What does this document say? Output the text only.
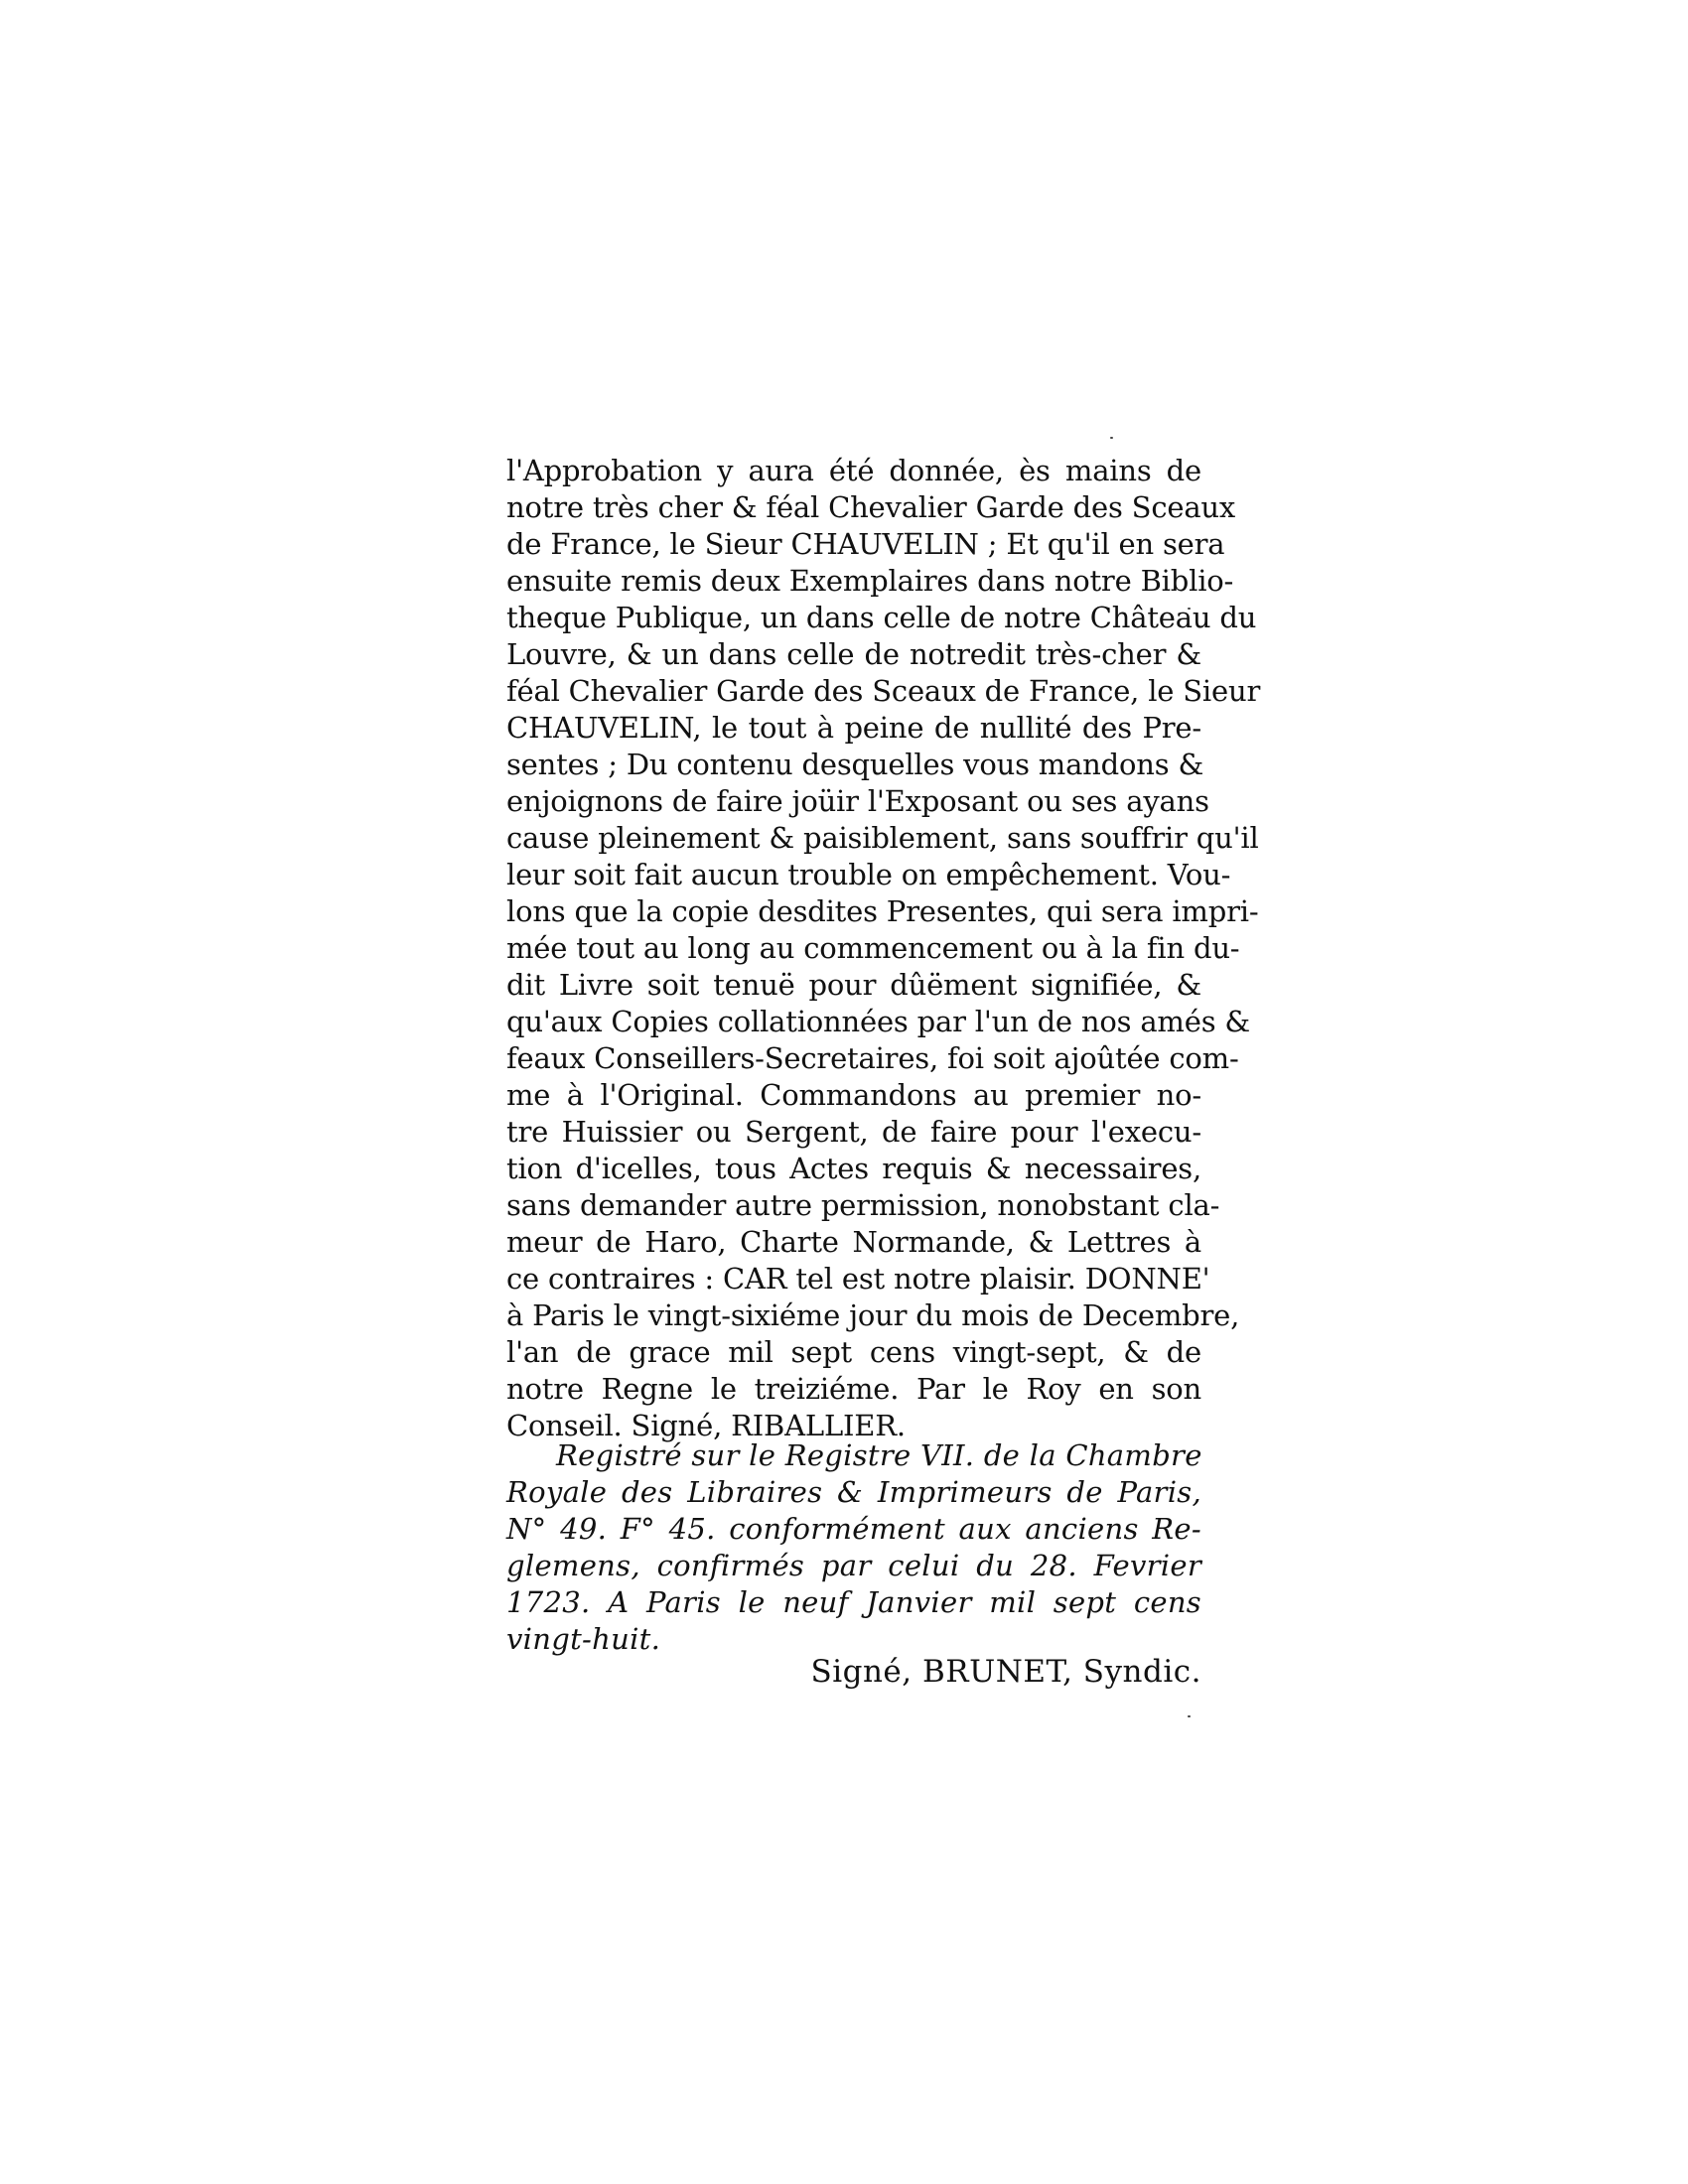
l'Approbation y aura été donnée, ès mains de
notre très cher & féal Chevalier Garde des Sceaux
de France, le Sieur CHAUVELIN ; Et qu'il en sera
ensuite remis deux Exemplaires dans notre Biblio-
theque Publique, un dans celle de notre Château du
Louvre, & un dans celle de notredit très-cher &
féal Chevalier Garde des Sceaux de France, le Sieur
CHAUVELIN, le tout à peine de nullité des Pre-
sentes ; Du contenu desquelles vous mandons &
enjoignons de faire joüir l'Exposant ou ses ayans
cause pleinement & paisiblement, sans souffrir qu'il
leur soit fait aucun trouble on empêchement. Vou-
lons que la copie desdites Presentes, qui sera impri-
mée tout au long au commencement ou à la fin du-
dit Livre soit tenuë pour dûëment signifiée, &
qu'aux Copies collationnées par l'un de nos amés &
feaux Conseillers-Secretaires, foi soit ajoûtée com-
me à l'Original. Commandons au premier no-
tre Huissier ou Sergent, de faire pour l'execu-
tion d'icelles, tous Actes requis & necessaires,
sans demander autre permission, nonobstant cla-
meur de Haro, Charte Normande, & Lettres à
ce contraires : CAR tel est notre plaisir. DONNE'
à Paris le vingt-sixiéme jour du mois de Decembre,
l'an de grace mil sept cens vingt-sept, & de
notre Regne le treiziéme. Par le Roy en son
Conseil. Signé, RIBALLIER.
Registré sur le Registre VII. de la Chambre
Royale des Libraires & Imprimeurs de Paris,
N° 49. F° 45. conformément aux anciens Re-
glemens, confirmés par celui du 28. Fevrier
1723. A Paris le neuf Janvier mil sept cens
vingt-huit.
Signé, BRUNET, Syndic.
